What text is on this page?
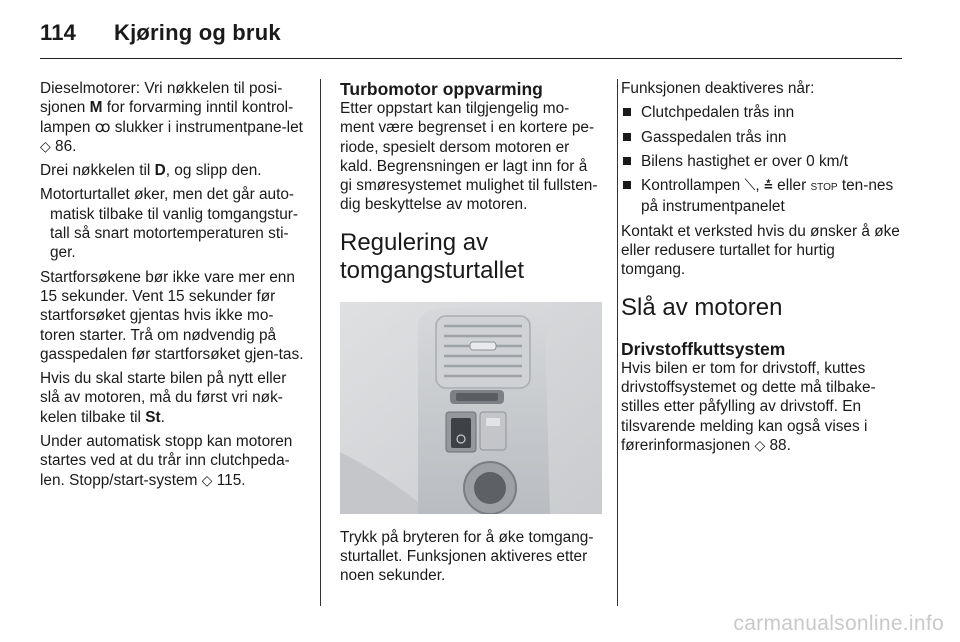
114 Kjøring og bruk

Dieselmotorer: Vri nøkkelen til posi-sjonen M for forvarming inntil kontrol-lampen ꝏ slukker i instrumentpane-let ◇ 86.

Drei nøkkelen til D, og slipp den.

Motorturtallet øker, men det går auto-matisk tilbake til vanlig tomgangstur-tall så snart motortemperaturen sti-ger.

Startforsøkene bør ikke vare mer enn 15 sekunder. Vent 15 sekunder før startforsøket gjentas hvis ikke mo-toren starter. Trå om nødvendig på gasspedalen før startforsøket gjen-tas.

Hvis du skal starte bilen på nytt eller slå av motoren, må du først vri nøk-kelen tilbake til St.

Under automatisk stopp kan motoren startes ved at du trår inn clutchpeda-len. Stopp/start-system ◇ 115.

Turbomotor oppvarming

Etter oppstart kan tilgjengelig mo-ment være begrenset i en kortere pe-riode, spesielt dersom motoren er kald. Begrensningen er lagt inn for å gi smøresystemet mulighet til fullsten-dig beskyttelse av motoren.

Regulering av tomgangsturtallet

Trykk på bryteren for å øke tomgang-sturtallet. Funksjonen aktiveres etter noen sekunder.

Funksjonen deaktiveres når:

Clutchpedalen trås inn
Gasspedalen trås inn
Bilens hastighet er over 0 km/t
Kontrollampen ⟍, ≛ eller STOP ten-nes på instrumentpanelet

Kontakt et verksted hvis du ønsker å øke eller redusere turtallet for hurtig tomgang.

Slå av motoren
Drivstoffkuttsystem

Hvis bilen er tom for drivstoff, kuttes drivstoffsystemet og dette må tilbake-stilles etter påfylling av drivstoff. En tilsvarende melding kan også vises i førerinformasjonen ◇ 88.

carmanualsonline.info
